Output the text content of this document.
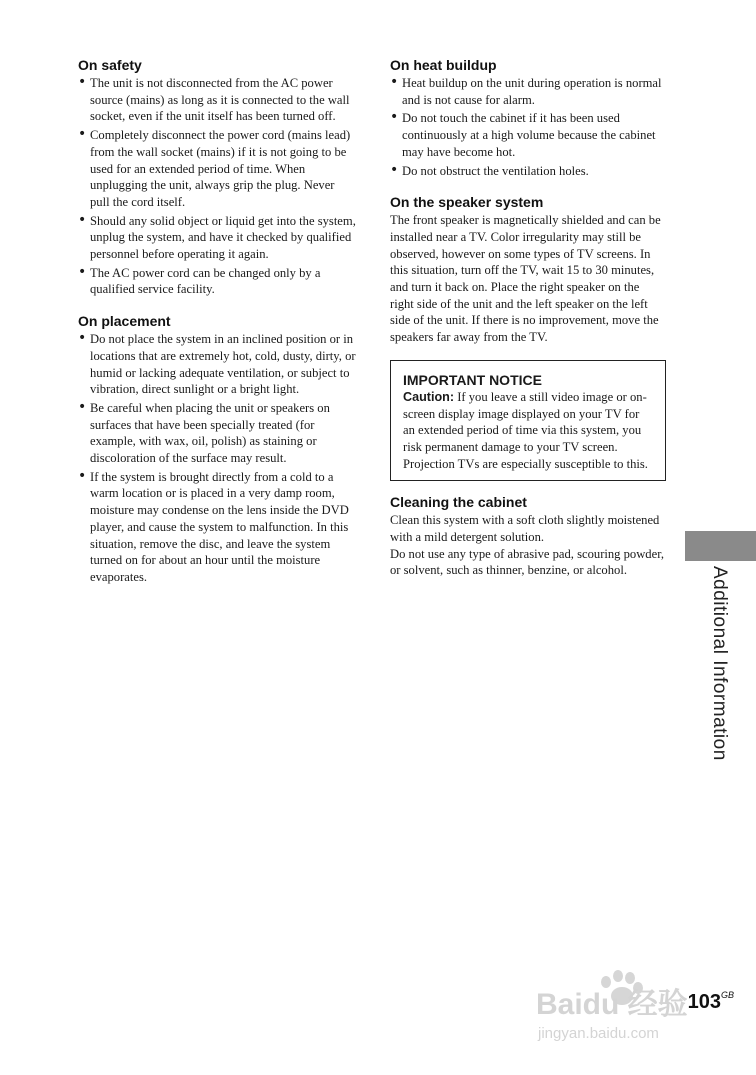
On safety
• The unit is not disconnected from the AC power source (mains) as long as it is connected to the wall socket, even if the unit itself has been turned off.
• Completely disconnect the power cord (mains lead) from the wall socket (mains) if it is not going to be used for an extended period of time. When unplugging the unit, always grip the plug. Never pull the cord itself.
• Should any solid object or liquid get into the system, unplug the system, and have it checked by qualified personnel before operating it again.
• The AC power cord can be changed only by a qualified service facility.
On placement
• Do not place the system in an inclined position or in locations that are extremely hot, cold, dusty, dirty, or humid or lacking adequate ventilation, or subject to vibration, direct sunlight or a bright light.
• Be careful when placing the unit or speakers on surfaces that have been specially treated (for example, with wax, oil, polish) as staining or discoloration of the surface may result.
• If the system is brought directly from a cold to a warm location or is placed in a very damp room, moisture may condense on the lens inside the DVD player, and cause the system to malfunction. In this situation, remove the disc, and leave the system turned on for about an hour until the moisture evaporates.
On heat buildup
• Heat buildup on the unit during operation is normal and is not cause for alarm.
• Do not touch the cabinet if it has been used continuously at a high volume because the cabinet may have become hot.
• Do not obstruct the ventilation holes.
On the speaker system

The front speaker is magnetically shielded and can be installed near a TV. Color irregularity may still be observed, however on some types of TV screens. In this situation, turn off the TV, wait 15 to 30 minutes, and turn it back on. Place the right speaker on the right side of the unit and the left speaker on the left side of the unit. If there is no improvement, move the speakers far away from the TV.

IMPORTANT NOTICE

Caution: If you leave a still video image or on-screen display image displayed on your TV for an extended period of time via this system, you risk permanent damage to your TV screen. Projection TVs are especially susceptible to this.

Cleaning the cabinet

Clean this system with a soft cloth slightly moistened with a mild detergent solution.

Do not use any type of abrasive pad, scouring powder, or solvent, such as thinner, benzine, or alcohol.	Additional Information
Baidu 经验
jingyan.baidu.com
$103^{GB}$
